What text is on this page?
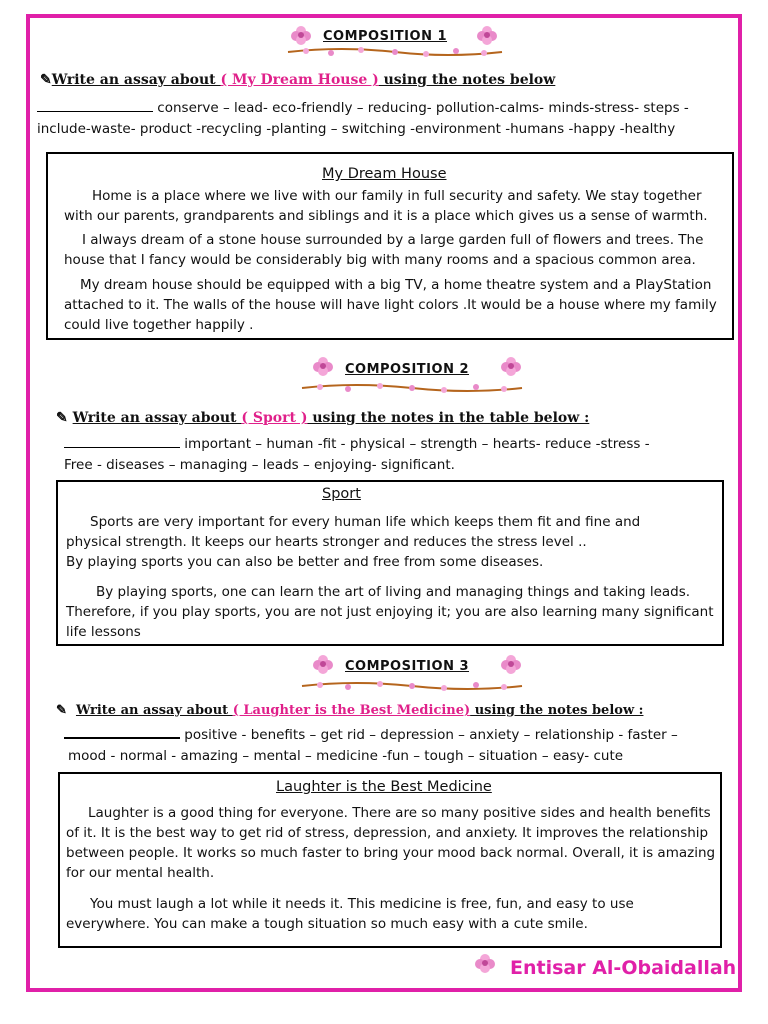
COMPOSITION 1
✎Write an assay about ( My Dream House ) using the notes below
conserve – lead- eco-friendly – reducing- pollution-calms- minds-stress- steps -
include-waste- product -recycling -planting – switching -environment -humans -happy -healthy
My Dream House
Home is a place where we live with our family in full security and safety. We stay together with our parents, grandparents and siblings and it is a place which gives us a sense of warmth.
I always dream of a stone house surrounded by a large garden full of flowers and trees. The house that I fancy would be considerably big with many rooms and a spacious common area.
My dream house should be equipped with a big TV, a home theatre system and a PlayStation attached to it. The walls of the house will have light colors .It would be a house where my family could live together happily .
COMPOSITION 2
✎ Write an assay about ( Sport ) using the notes in the table below :
important – human -fit - physical – strength – hearts- reduce -stress -
Free - diseases – managing – leads – enjoying- significant.
Sport
Sports are very important for every human life which keeps them fit and fine and physical strength. It keeps our hearts stronger and reduces the stress level ..
By playing sports you can also be better and free from some diseases.
By playing sports, one can learn the art of living and managing things and taking leads. Therefore, if you play sports, you are not just enjoying it; you are also learning many significant life lessons
COMPOSITION 3
✎ Write an assay about ( Laughter is the Best Medicine) using the notes below :
positive - benefits – get rid – depression – anxiety – relationship - faster –
mood - normal - amazing – mental – medicine -fun – tough – situation – easy- cute
Laughter is the Best Medicine
Laughter is a good thing for everyone. There are so many positive sides and health benefits of it. It is the best way to get rid of stress, depression, and anxiety. It improves the relationship between people. It works so much faster to bring your mood back normal. Overall, it is amazing for our mental health.
You must laugh a lot while it needs it. This medicine is free, fun, and easy to use everywhere. You can make a tough situation so much easy with a cute smile.
Entisar Al-Obaidallah
